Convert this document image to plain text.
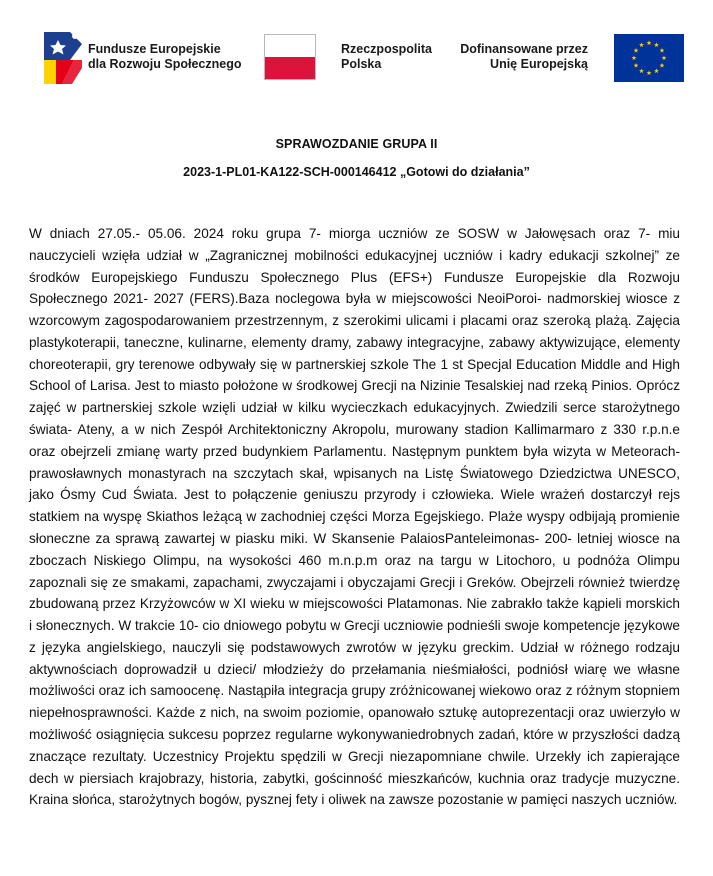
Fundusze Europejskie
dla Rozwoju Społecznego
Rzeczpospolita
Polska
Dofinansowane przez
Unię Europejską
SPRAWOZDANIE GRUPA II
2023-1-PL01-KA122-SCH-000146412 „Gotowi do działania”

W dniach 27.05.- 05.06. 2024 roku grupa 7- miorga uczniów ze SOSW w Jałowęsach oraz 7- miu nauczycieli wzięła udział w „Zagranicznej mobilności edukacyjnej uczniów i kadry edukacji szkolnej” ze środków Europejskiego Funduszu Społecznego Plus (EFS+) Fundusze Europejskie dla Rozwoju Społecznego 2021- 2027 (FERS).Baza noclegowa była w miejscowości NeoiPoroi- nadmorskiej wiosce z wzorcowym zagospodarowaniem przestrzennym, z szerokimi ulicami i placami oraz szeroką plażą. Zajęcia plastykoterapii, taneczne, kulinarne, elementy dramy, zabawy integracyjne, zabawy aktywizujące, elementy choreoterapii, gry terenowe odbywały się w partnerskiej szkole The 1 st Specjal Education Middle and High School of Larisa. Jest to miasto położone w środkowej Grecji na Nizinie Tesalskiej nad rzeką Pinios. Oprócz zajęć w partnerskiej szkole wzięli udział w kilku wycieczkach edukacyjnych. Zwiedzili serce starożytnego świata- Ateny, a w nich Zespół Architektoniczny Akropolu, murowany stadion Kallimarmaro z 330 r.p.n.e oraz obejrzeli zmianę warty przed budynkiem Parlamentu. Następnym punktem była wizyta w Meteorach- prawosławnych monastyrach na szczytach skał, wpisanych na Listę Światowego Dziedzictwa UNESCO, jako Ósmy Cud Świata. Jest to połączenie geniuszu przyrody i człowieka. Wiele wrażeń dostarczył rejs statkiem na wyspę Skiathos leżącą w zachodniej części Morza Egejskiego. Plaże wyspy odbijają promienie słoneczne za sprawą zawartej w piasku miki. W Skansenie PalaiosPanteleimonas- 200- letniej wiosce na zboczach Niskiego Olimpu, na wysokości 460 m.n.p.m oraz na targu w Litochoro, u podnóża Olimpu zapoznali się ze smakami, zapachami, zwyczajami i obyczajami Grecji i Greków. Obejrzeli również twierdzę zbudowaną przez Krzyżowców w XI wieku w miejscowości Platamonas. Nie zabrakło także kąpieli morskich i słonecznych. W trakcie 10- cio dniowego pobytu w Grecji uczniowie podnieśli swoje kompetencje językowe z języka angielskiego, nauczyli się podstawowych zwrotów w języku greckim. Udział w różnego rodzaju aktywnościach doprowadził u dzieci/ młodzieży do przełamania nieśmiałości, podniósł wiarę we własne możliwości oraz ich samoocenę. Nastąpiła integracja grupy zróżnicowanej wiekowo oraz z różnym stopniem niepełnosprawności. Każde z nich, na swoim poziomie, opanowało sztukę autoprezentacji oraz uwierzyło w możliwość osiągnięcia sukcesu poprzez regularne wykonywaniedrobnych zadań, które w przyszłości dadzą znaczące rezultaty. Uczestnicy Projektu spędzili w Grecji niezapomniane chwile. Urzekły ich zapierające dech w piersiach krajobrazy, historia, zabytki, gościnność mieszkańców, kuchnia oraz tradycje muzyczne. Kraina słońca, starożytnych bogów, pysznej fety i oliwek na zawsze pozostanie w pamięci naszych uczniów.
